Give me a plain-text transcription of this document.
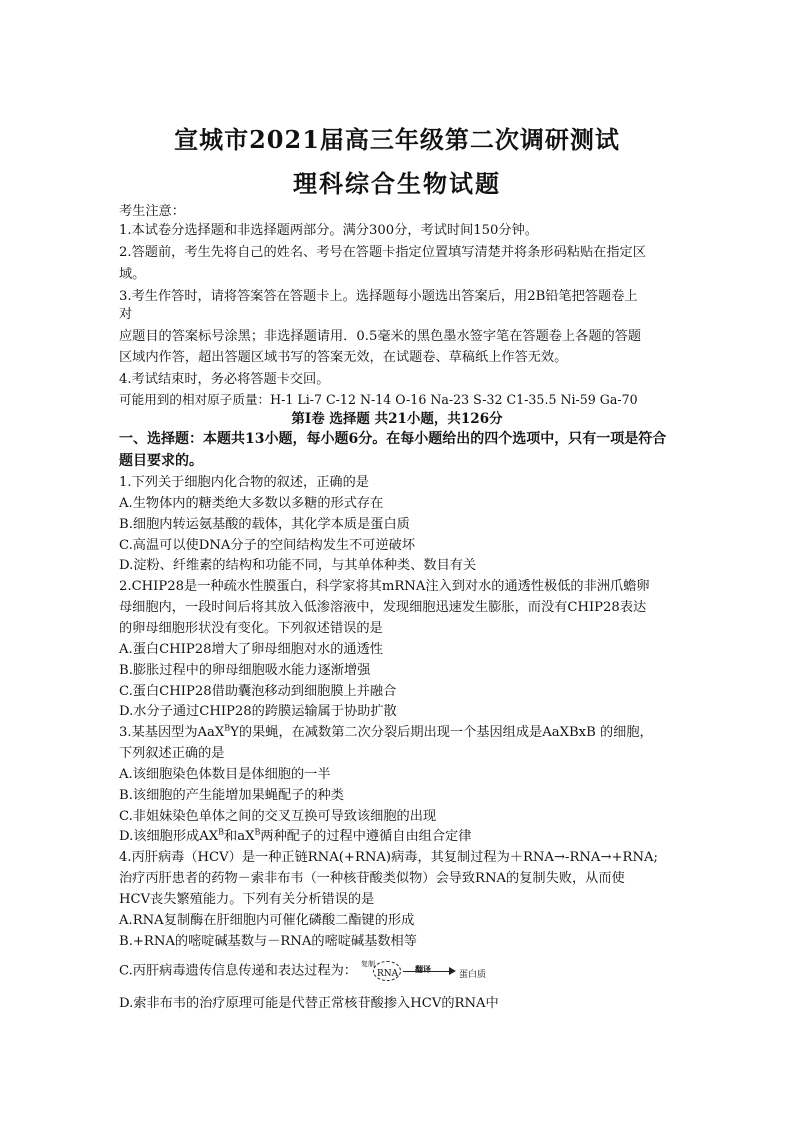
宣城市2021届高三年级第二次调研测试
理科综合生物试题
考生注意：
1.本试卷分选择题和非选择题两部分。满分300分，考试时间150分钟。
2.答题前，考生先将自己的姓名、考号在答题卡指定位置填写清楚并将条形码粘贴在指定区
域。
3.考生作答时，请将答案答在答题卡上。选择题每小题选出答案后，用2B铅笔把答题卷上
对
应题目的答案标号涂黑；非选择题请用．0.5毫米的黑色墨水签字笔在答题卷上各题的答题
区域内作答，超出答题区域书写的答案无效，在试题卷、草稿纸上作答无效。
4.考试结束时，务必将答题卡交回。
可能用到的相对原子质量：H-1 Li-7 C-12 N-14 O-16 Na-23 S-32 C1-35.5 Ni-59 Ga-70
第Ⅰ卷 选择题 共21小题，共126分
一、选择题：本题共13小题，每小题6分。在每小题给出的四个选项中，只有一项是符合
题目要求的。
1.下列关于细胞内化合物的叙述，正确的是
A.生物体内的糖类绝大多数以多糖的形式存在
B.细胞内转运氨基酸的载体，其化学本质是蛋白质
C.高温可以使DNA分子的空间结构发生不可逆破坏
D.淀粉、纤维素的结构和功能不同，与其单体种类、数目有关
2.CHIP28是一种疏水性膜蛋白，科学家将其mRNA注入到对水的通透性极低的非洲爪蟾卵
母细胞内，一段时间后将其放入低渗溶液中，发现细胞迅速发生膨胀，而没有CHIP28表达
的卵母细胞形状没有变化。下列叙述错误的是
A.蛋白CHIP28增大了卵母细胞对水的通透性
B.膨胀过程中的卵母细胞吸水能力逐渐增强
C.蛋白CHIP28借助囊泡移动到细胞膜上并融合
D.水分子通过CHIP28的跨膜运输属于协助扩散
3.某基因型为AaX$^B$Y的果蝇，在减数第二次分裂后期出现一个基因组成是AaXBxB 的细胞，
下列叙述正确的是
A.该细胞染色体数目是体细胞的一半
B.该细胞的产生能增加果蝇配子的种类
C.非姐妹染色单体之间的交叉互换可导致该细胞的出现
D.该细胞形成$AX^B$和$aX^B$两种配子的过程中遵循自由组合定律
4.丙肝病毒（HCV）是一种正链RNA(+RNA)病毒，其复制过程为＋RNA→-RNA→+RNA;
治疗丙肝患者的药物－索非布韦（一种核苷酸类似物）会导致RNA的复制失败，从而使
HCV丧失繁殖能力。下列有关分析错误的是
A.RNA复制酶在肝细胞内可催化磷酸二酯键的形成
B.+RNA的嘧啶碱基数与－RNA的嘧啶碱基数相等
C.丙肝病毒遗传信息传递和表达过程为： 复制
RNA 翻译
蛋白质
D.索非布韦的治疗原理可能是代替正常核苷酸掺入HCV的RNA中
